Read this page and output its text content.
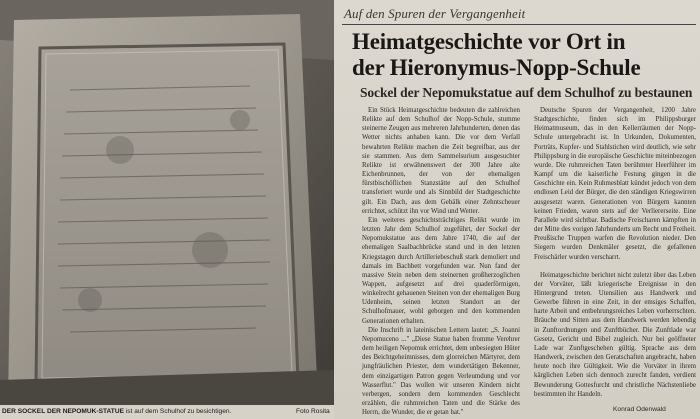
DER SOCKEL DER NEPOMUK-STATUE ist auf dem Schulhof zu besichtigen.	Foto Rosita
Auf den Spuren der Vergangenheit
Heimatgeschichte vor Ort in
der Hieronymus-Nopp-Schule
Sockel der Nepomukstatue auf dem Schulhof zu bestaunen

Ein Stück Heimatgeschichte bedeuten die zahlreichen Relikte auf dem Schulhof der Nopp-Schule, stumme steinerne Zeugen aus mehreren Jahrhunderten, denen das Wetter nichts anhaben kann. Die vor dem Verfall bewahrten Relikte machen die Zeit begreifbar, aus der sie stammen. Aus dem Sammelsurium ausgesuchter Relikte ist erwähnenswert der 300 Jahre alte Eichenbrunnen, der von der ehemaligen fürstbischöflichen Stanzstätte auf den Schulhof transferiert wurde und als Sinnbild der Stadtgeschichte gilt. Ein Dach, aus dem Gebälk einer Zehntscheuer errichtet, schützt ihn vor Wind und Wetter.

Ein weiteres geschichtsträchtiges Relikt wurde im letzten Jahr dem Schulhof zugeführt, der Sockel der Nepomukstatue aus dem Jahre 1740, die auf der ehemaligen Saalbachbrücke stand und in den letzten Kriegstagen durch Artilleriebeschuß stark demoliert und damals im Bachbett vorgefunden war. Nun fand der massive Stein neben dem steinernen großherzoglichen Wappen, aufgesetzt auf drei quaderförmigen, winkelrecht gehauenen Steinen von der ehemaligen Burg Udenheim, seinen letzten Standort an der Schulhofmauer, wohl geborgen und den kommenden Generationen erhalten.

Die Inschrift in lateinischen Lettern lautet: „S. Joanni Nepomuceno ..." „Diese Statue haben fromme Verehrer dem heiligen Nepomuk errichtet, dem unbesiegten Hüter des Beichtgeheimnisses, dem glorreichen Märtyrer, dem jungfräulichen Priester, dem wundertätigen Bekenner, dem einzigartigen Patron gegen Verleumdung und vor Wasserflut." Das wollen wir unseren Kindern nicht verbergen, sondern dem kommenden Geschlecht erzählen, die ruhmreichen Taten und die Stärke des Herrn, die Wunder, die er getan hat."

Deutsche Spuren der Vergangenheit, 1200 Jahre Stadtgeschichte, finden sich im Philippsburger Heimatmuseum, das in den Kellerräumen der Nopp-Schule untergebracht ist. In Urkunden, Dokumenten, Porträts, Kupfer- und Stahlstichen wird deutlich, wie sehr Philippsburg in die europäische Geschichte miteinbezogen wurde. Die ruhmreichen Taten berühmter Heerführer im Kampf um die kaiserliche Festung gingen in die Geschichte ein. Kein Ruhmesblatt kündet jedoch von dem endlosen Leid der Bürger, die den ständigen Kriegswirren ausgesetzt waren. Generationen von Bürgern kannten keinen Frieden, waren stets auf der Verliererseite. Eine Parallele wird sichtbar. Badische Freischaren kämpften in der Mitte des vorigen Jahrhunderts um Recht und Freiheit. Preußische Truppen warfen die Revolution nieder. Den Siegern wurden Denkmäler gesetzt, die gefallenen Freischärler wurden verscharrt.

Heimatgeschichte berichtet nicht zuletzt über das Leben der Vorväter, läßt kriegerische Ereignisse in den Hintergrund treten. Utensilien aus Handwerk und Gewerbe führen in eine Zeit, in der emsiges Schaffen, harte Arbeit und entbehrungsreiches Leben vorherrschten. Bräuche und Sitten aus dem Handwerk werden lebendig in Zunftordnungen und Zunftbücher. Die Zunftlade war Gesetz, Gericht und Bibel zugleich. Nur bei geöffneter Lade war Zunftgeschehen gültig. Sprache aus dem Handwerk, zwischen den Geratschaften angebracht, haben heute noch ihre Gültigkeit. Wie die Vorväter in ihrem kärglichen Leben sich dennoch zurecht fanden, verdient Bewunderung Gottesfurcht und christliche Nächstenliebe bestimmten ihr Handeln.

Konrad Odenwald
